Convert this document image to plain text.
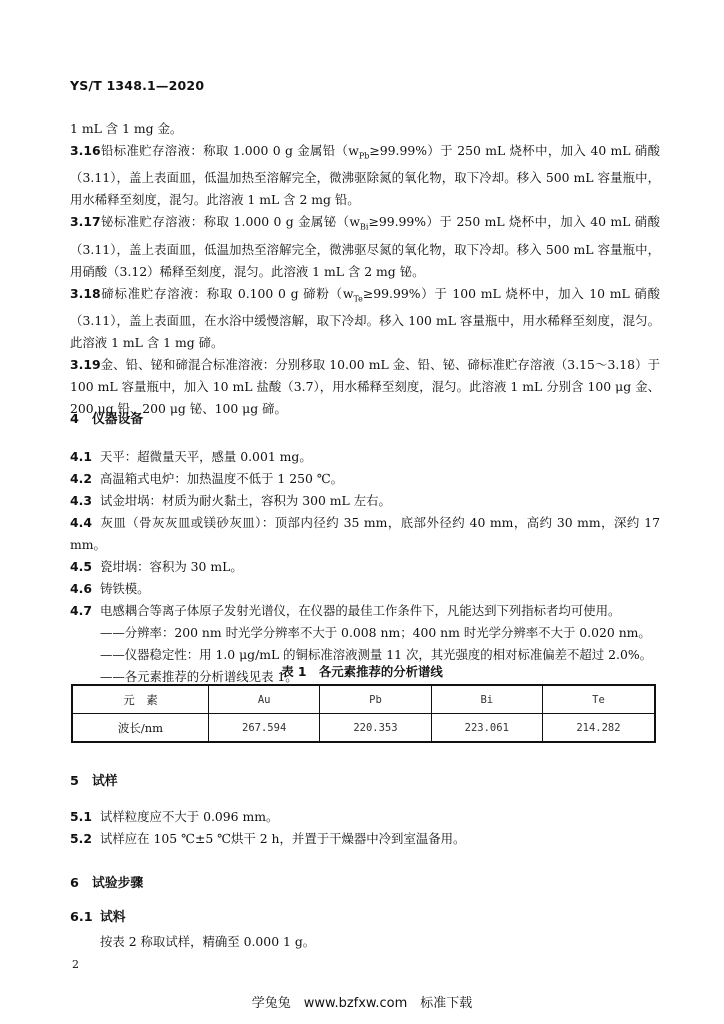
YS/T 1348.1—2020

1 mL 含 1 mg 金。

3.16铅标准贮存溶液：称取 1.000 0 g 金属铅$(w_{Pb}\ge 99.99\%)$于 250 mL 烧杯中，加入 40 mL 硝酸（3.11），盖上表面皿，低温加热至溶解完全，微沸驱除氮的氧化物，取下冷却。移入 500 mL 容量瓶中，用水稀释至刻度，混匀。此溶液 1 mL 含 2 mg 铅。

3.17铋标准贮存溶液：称取 1.000 0 g 金属铋$(w_{Bi}\ge 99.99\%)$于 250 mL 烧杯中，加入 40 mL 硝酸（3.11），盖上表面皿，低温加热至溶解完全，微沸驱尽氮的氧化物，取下冷却。移入 500 mL 容量瓶中，用硝酸（3.12）稀释至刻度，混匀。此溶液 1 mL 含 2 mg 铋。

3.18碲标准贮存溶液：称取 0.100 0 g 碲粉$(w_{Te}\ge 99.99\%)$于 100 mL 烧杯中，加入 10 mL 硝酸（3.11），盖上表面皿，在水浴中缓慢溶解，取下冷却。移入 100 mL 容量瓶中，用水稀释至刻度，混匀。此溶液 1 mL 含 1 mg 碲。

3.19金、铅、铋和碲混合标准溶液：分别移取 10.00 mL 金、铅、铋、碲标准贮存溶液（3.15～3.18）于 100 mL 容量瓶中，加入 10 mL 盐酸（3.7），用水稀释至刻度，混匀。此溶液 1 mL 分别含 100 μg 金、200 μg 铅、200 μg 铋、100 μg 碲。

4 仪器设备

4.1 天平：超微量天平，感量 0.001 mg。

4.2 高温箱式电炉：加热温度不低于 1 250 ℃。

4.3 试金坩埚：材质为耐火黏土，容积为 300 mL 左右。

4.4 灰皿（骨灰灰皿或镁砂灰皿）：顶部内径约 35 mm，底部外径约 40 mm，高约 30 mm，深约 17 mm。

4.5 瓷坩埚：容积为 30 mL。

4.6 铸铁模。

4.7 电感耦合等离子体原子发射光谱仪，在仪器的最佳工作条件下，凡能达到下列指标者均可使用。

——分辨率：200 nm 时光学分辨率不大于 0.008 nm；400 nm 时光学分辨率不大于 0.020 nm。

——仪器稳定性：用 1.0 μg/mL 的铜标准溶液测量 11 次，其光强度的相对标准偏差不超过 2.0%。

——各元素推荐的分析谱线见表 1。

表 1　各元素推荐的分析谱线
元　素	Au	Pb	Bi	Te
波长/nm	267.594	220.353	223.061	214.282
5 试样

5.1 试样粒度应不大于 0.096 mm。

5.2 试样应在 105 ℃±5 ℃烘干 2 h，并置于干燥器中冷到室温备用。

6 试验步骤
6.1 试料

按表 2 称取试样，精确至 0.000 1 g。

2
学兔兔　www.bzfxw.com　标准下载
